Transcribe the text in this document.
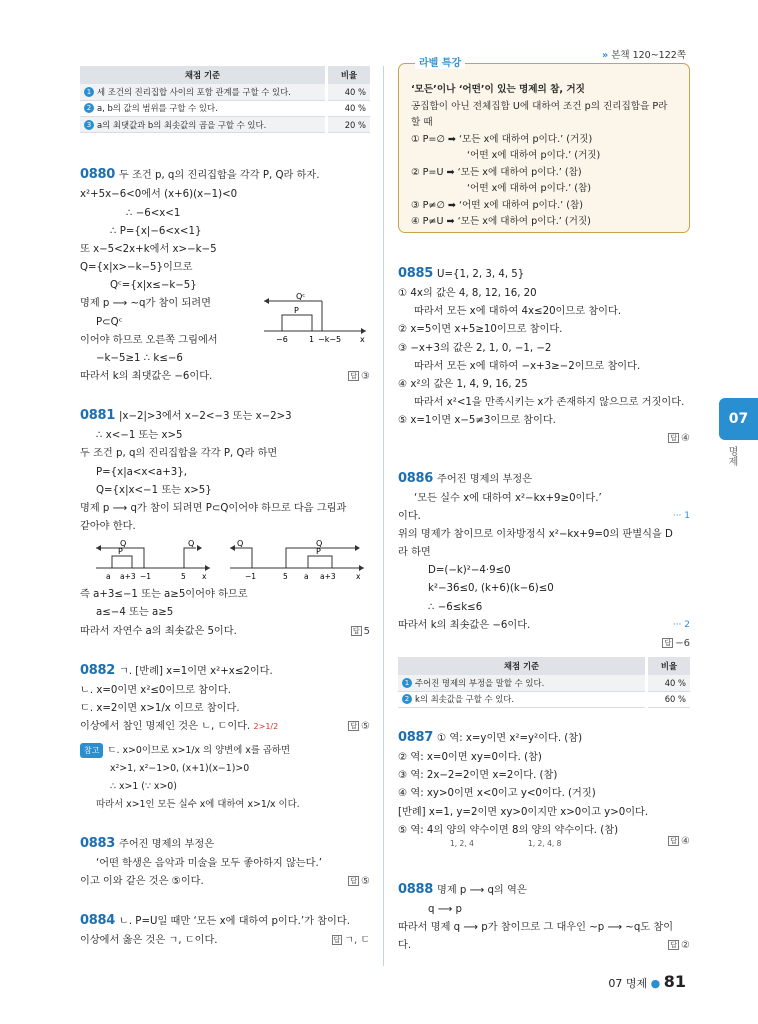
» 본책 120~122쪽
채점 기준	비율
1 세 조건의 진리집합 사이의 포함 관계를 구할 수 있다.	40 %
2 a, b의 값의 범위를 구할 수 있다.	40 %
3 a의 최댓값과 b의 최솟값의 곱을 구할 수 있다.	20 %
0880 두 조건 p, q의 진리집합을 각각 P, Q라 하자.
x²+5x−6<0에서 (x+6)(x−1)<0
∴ −6<x<1
∴ P={x|−6<x<1}
또 x−5<2x+k에서 x>−k−5
Q={x|x>−k−5}이므로
Qᶜ={x|x≤−k−5}
명제 p ⟶ ~q가 참이 되려면
Qᶜ
P
−6	1 −k−5 x
P⊂Qᶜ
이어야 하므로 오른쪽 그림에서
−k−5≥1 ∴ k≤−6
따라서 k의 최댓값은 −6이다.	답 ③
0881 |x−2|>3에서 x−2<−3 또는 x−2>3
∴ x<−1 또는 x>5
두 조건 p, q의 진리집합을 각각 P, Q라 하면
P={x|a<x<a+3},
Q={x|x<−1 또는 x>5}
명제 p ⟶ q가 참이 되려면 P⊂Q이어야 하므로 다음 그림과
같아야 한다.
Q
P
Q
a a+3 −1	5 x
Q	Q
P
−1	5 a a+3	x
즉 a+3≤−1 또는 a≥5이어야 하므로
a≤−4 또는 a≥5
따라서 자연수 a의 최솟값은 5이다.	답 5
0882 ㄱ. [반례] x=1이면 x²+x≤2이다.
ㄴ. x=0이면 x²≤0이므로 참이다.
ㄷ. x=2이면 x>1/x 이므로 참이다.
이상에서 참인 명제인 것은 ㄴ, ㄷ이다. 2>1/2	답 ⑤
참고 ㄷ. x>0이므로 x>1/x 의 양변에 x를 곱하면
x²>1, x²−1>0, (x+1)(x−1)>0
∴ x>1 (∵ x>0)
따라서 x>1인 모든 실수 x에 대하여 x>1/x 이다.
0883 주어진 명제의 부정은
‘어떤 학생은 음악과 미술을 모두 좋아하지 않는다.’
이고 이와 같은 것은 ⑤이다.	답 ⑤
0884 ㄴ. P=U일 때만 ‘모든 x에 대하여 p이다.’가 참이다.
이상에서 옳은 것은 ㄱ, ㄷ이다.	답 ㄱ, ㄷ
라벨 특강
‘모든’이나 ‘어떤’이 있는 명제의 참, 거짓
공집합이 아닌 전체집합 U에 대하여 조건 p의 진리집합을 P라 할 때
① P=∅ ➡ ‘모든 x에 대하여 p이다.’ (거짓)
‘어떤 x에 대하여 p이다.’ (거짓)
② P=U ➡ ‘모든 x에 대하여 p이다.’ (참)
‘어떤 x에 대하여 p이다.’ (참)
③ P≠∅ ➡ ‘어떤 x에 대하여 p이다.’ (참)
④ P≠U ➡ ‘모든 x에 대하여 p이다.’ (거짓)
0885 U={1, 2, 3, 4, 5}
① 4x의 값은 4, 8, 12, 16, 20
따라서 모든 x에 대하여 4x≤20이므로 참이다.
② x=5이면 x+5≥10이므로 참이다.
③ −x+3의 값은 2, 1, 0, −1, −2
따라서 모든 x에 대하여 −x+3≥−2이므로 참이다.
④ x²의 값은 1, 4, 9, 16, 25
따라서 x²<1을 만족시키는 x가 존재하지 않으므로 거짓이다.
⑤ x=1이면 x−5≠3이므로 참이다.
답 ④
0886 주어진 명제의 부정은
‘모든 실수 x에 대하여 x²−kx+9≥0이다.’
이다.	··· 1
위의 명제가 참이므로 이차방정식 x²−kx+9=0의 판별식을 D
라 하면
D=(−k)²−4·9≤0
k²−36≤0, (k+6)(k−6)≤0
∴ −6≤k≤6
따라서 k의 최솟값은 −6이다.	··· 2
답 −6
채점 기준	비율
1 주어진 명제의 부정을 말할 수 있다.	40 %
2 k의 최솟값을 구할 수 있다.	60 %
0887 ① 역: x=y이면 x²=y²이다. (참)
② 역: x=0이면 xy=0이다. (참)
③ 역: 2x−2=2이면 x=2이다. (참)
④ 역: xy>0이면 x<0이고 y<0이다. (거짓)
[반례] x=1, y=2이면 xy>0이지만 x>0이고 y>0이다.
⑤ 역: 4의 양의 약수이면 8의 양의 약수이다. (참)
1, 2, 4	1, 2, 4, 8	답 ④
0888 명제 p ⟶ q의 역은
q ⟶ p
따라서 명제 q ⟶ p가 참이므로 그 대우인 ~p ⟶ ~q도 참이
다.	답 ②
07
명제
07 명제 ● 81
